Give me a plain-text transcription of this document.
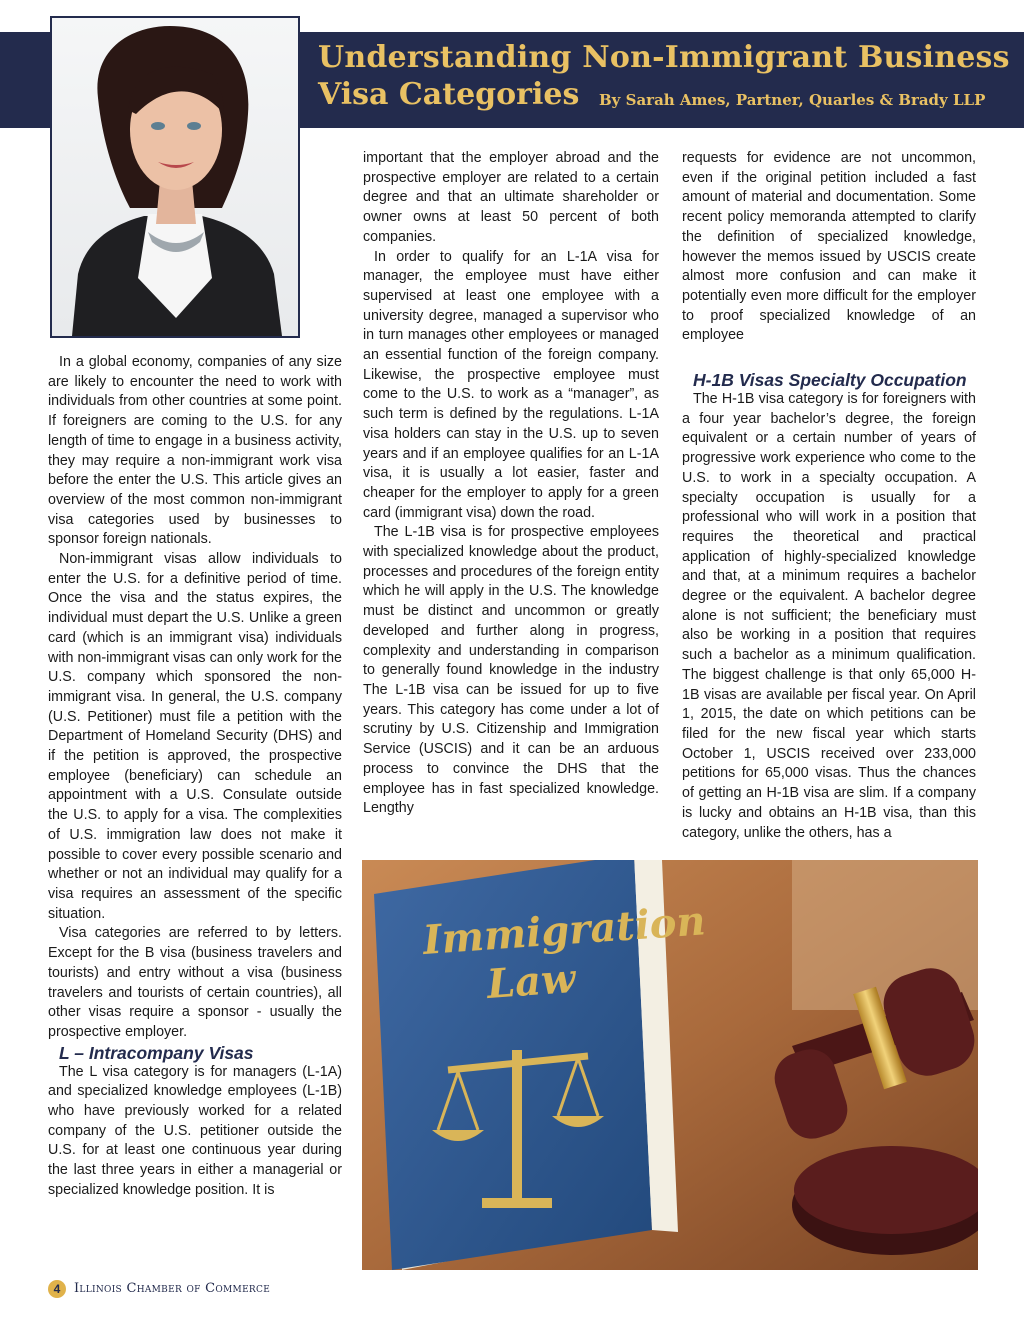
Understanding Non-Immigrant Business
Visa Categories By Sarah Ames, Partner, Quarles & Brady LLP

In a global economy, companies of any size are likely to encounter the need to work with individuals from other countries at some point. If foreigners are coming to the U.S. for any length of time to engage in a business activity, they may require a non-immigrant work visa before the enter the U.S. This article gives an overview of the most common non-immigrant visa categories used by businesses to sponsor foreign nationals.

Non-immigrant visas allow individuals to enter the U.S. for a definitive period of time. Once the visa and the status expires, the individual must depart the U.S. Unlike a green card (which is an immigrant visa) individuals with non-immigrant visas can only work for the U.S. company which sponsored the non-immigrant visa. In general, the U.S. company (U.S. Petitioner) must file a petition with the Department of Homeland Security (DHS) and if the petition is approved, the prospective employee (beneficiary) can schedule an appointment with a U.S. Consulate outside the U.S. to apply for a visa. The complexities of U.S. immigration law does not make it possible to cover every possible scenario and whether or not an individual may qualify for a visa requires an assessment of the specific situation.

Visa categories are referred to by letters. Except for the B visa (business travelers and tourists) and entry without a visa (business travelers and tourists of certain countries), all other visas require a sponsor - usually the prospective employer.

L – Intracompany Visas

The L visa category is for managers (L-1A) and specialized knowledge employees (L-1B) who have previously worked for a related company of the U.S. petitioner outside the U.S. for at least one continuous year during the last three years in either a managerial or specialized knowledge position. It is

important that the employer abroad and the prospective employer are related to a certain degree and that an ultimate shareholder or owner owns at least 50 percent of both companies.

In order to qualify for an L-1A visa for manager, the employee must have either supervised at least one employee with a university degree, managed a supervisor who in turn manages other employees or managed an essential function of the foreign company. Likewise, the prospective employee must come to the U.S. to work as a “manager”, as such term is defined by the regulations. L-1A visa holders can stay in the U.S. up to seven years and if an employee qualifies for an L-1A visa, it is usually a lot easier, faster and cheaper for the employer to apply for a green card (immigrant visa) down the road.

The L-1B visa is for prospective employees with specialized knowledge about the product, processes and procedures of the foreign entity which he will apply in the U.S. The knowledge must be distinct and uncommon or greatly developed and further along in progress, complexity and understanding in comparison to generally found knowledge in the industry The L-1B visa can be issued for up to five years. This category has come under a lot of scrutiny by U.S. Citizenship and Immigration Service (USCIS) and it can be an arduous process to convince the DHS that the employee has in fast specialized knowledge. Lengthy

requests for evidence are not uncommon, even if the original petition included a fast amount of material and documentation. Some recent policy memoranda attempted to clarify the definition of specialized knowledge, however the memos issued by USCIS create almost more confusion and can make it potentially even more difficult for the employer to proof specialized knowledge of an employee

H-1B Visas Specialty Occupation

The H-1B visa category is for foreigners with a four year bachelor’s degree, the foreign equivalent or a certain number of years of progressive work experience who come to the U.S. to work in a specialty occupation. A specialty occupation is usually for a professional who will work in a position that requires the theoretical and practical application of highly-specialized knowledge and that, at a minimum requires a bachelor degree or the equivalent. A bachelor degree alone is not sufficient; the beneficiary must also be working in a position that requires such a bachelor as a minimum qualification. The biggest challenge is that only 65,000 H-1B visas are available per fiscal year. On April 1, 2015, the date on which petitions can be filed for the new fiscal year which starts October 1, USCIS received over 233,000 petitions for 65,000 visas. Thus the chances of getting an H-1B visa are slim. If a company is lucky and obtains an H-1B visa, than this category, unlike the others, has a

Immigration
Law
4	Illinois Chamber of Commerce
